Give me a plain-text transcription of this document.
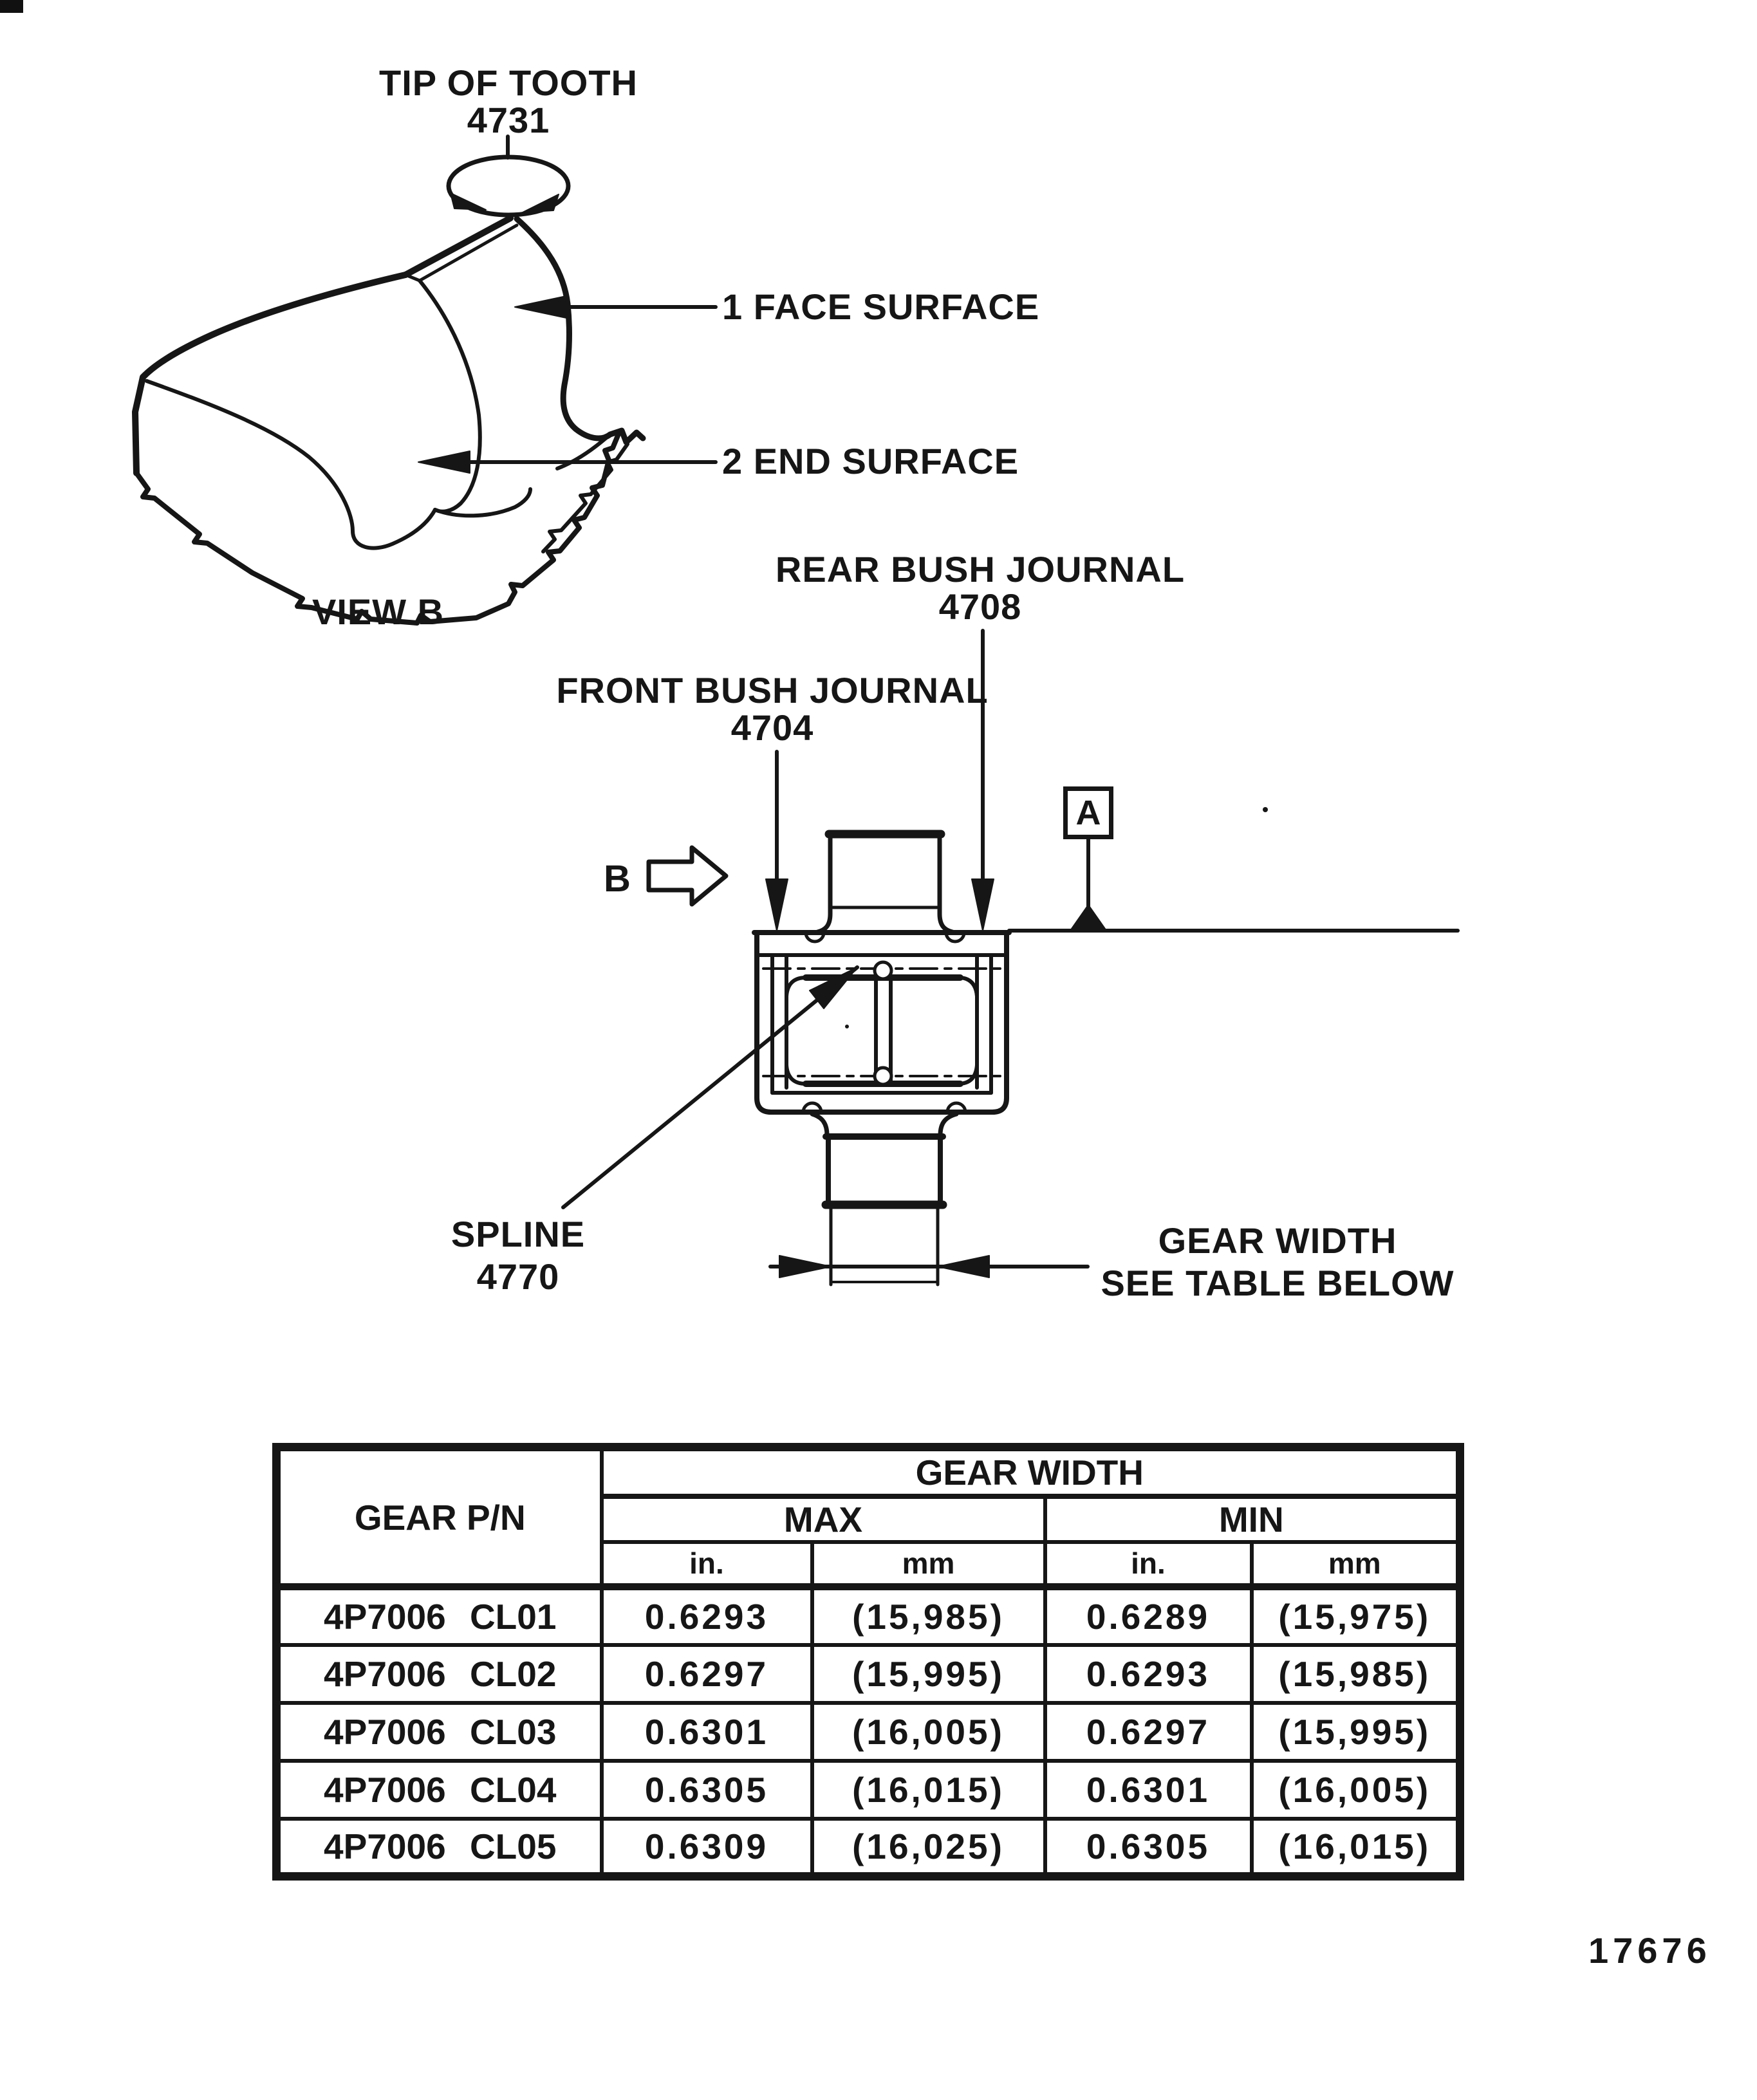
TIP OF TOOTH
4731
1 FACE SURFACE
2 END SURFACE
VIEW B
REAR BUSH JOURNAL
4708
FRONT BUSH JOURNAL
4704
B
A
SPLINE
4770
GEAR WIDTH
SEE TABLE BELOW
GEAR P/N	GEAR WIDTH			
	MAX		MIN	
	in.	mm	in.	mm
4P7006 CL01	0.6293	(15,985)	0.6289	(15,975)
4P7006 CL02	0.6297	(15,995)	0.6293	(15,985)
4P7006 CL03	0.6301	(16,005)	0.6297	(15,995)
4P7006 CL04	0.6305	(16,015)	0.6301	(16,005)
4P7006 CL05	0.6309	(16,025)	0.6305	(16,015)
17676
